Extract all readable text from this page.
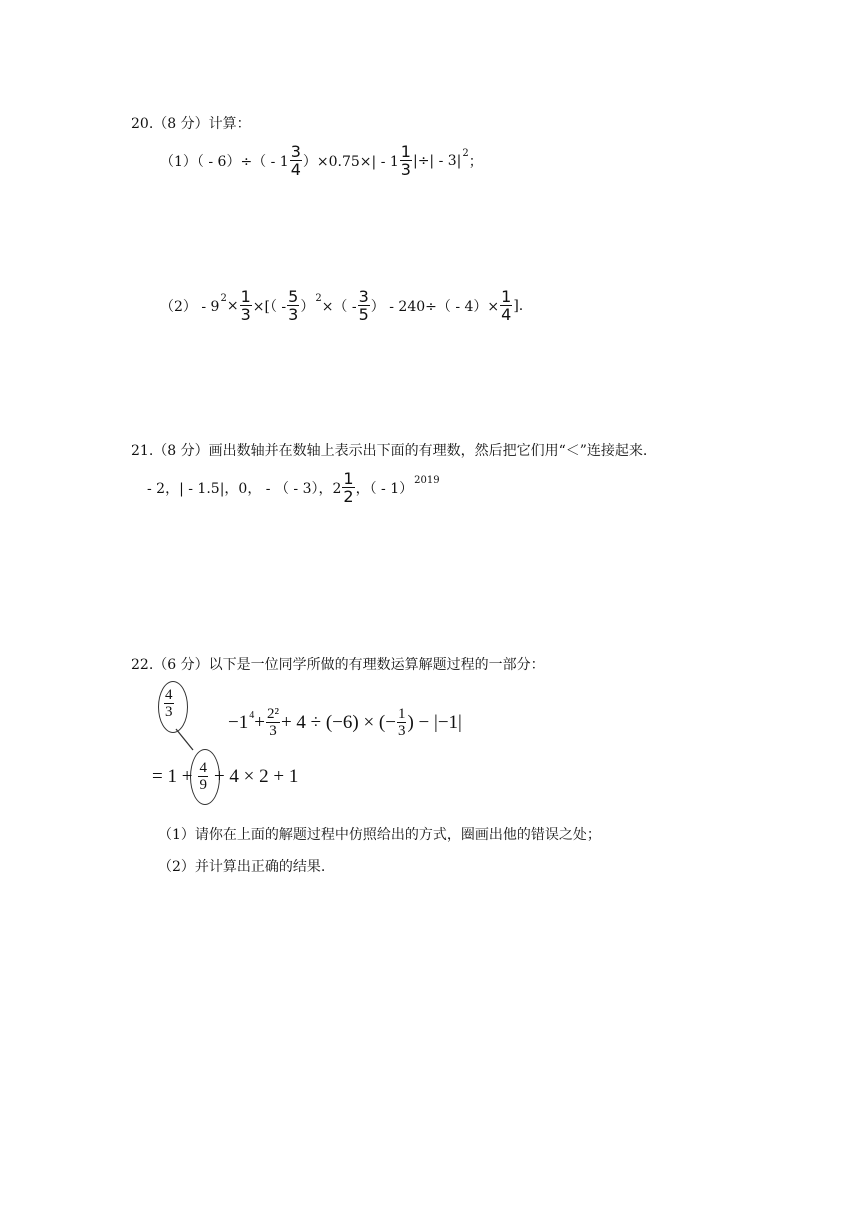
20.（8 分）计算：
$(1)( - 6)\div( - 1 \frac{3}{4} )\times 0.75\times| - 1 \frac{1}{3}$ |÷| - 3| 2 ；
（2） - 9 $2 \times \frac{1}{3}$ ×[（ - $\frac{5}{3}$ ） 2 ×（ - $\frac{3}{5}$ ） - $240\div( - 4)\times \frac{1}{4}$ ].
21.（8 分）画出数轴并在数轴上表示出下面的有理数，然后把它们用“＜”连接起来.
- 2，| - 1.5|，0， - （ - 3），$2 \frac{1}{2}$ ，（ - 1） 2019
22.（6 分）以下是一位同学所做的有理数运算解题过程的一部分：
$\frac{4}{3}$
−1 $4 + \frac{\text{2²}}{3} + 4 \div (-6)$ × (− $\frac{1}{3}$ ) − |−1|
= $1 + \frac{4}{9} + 4 \times 2 + 1$
（1）请你在上面的解题过程中仿照给出的方式，圈画出他的错误之处；
（2）并计算出正确的结果.
